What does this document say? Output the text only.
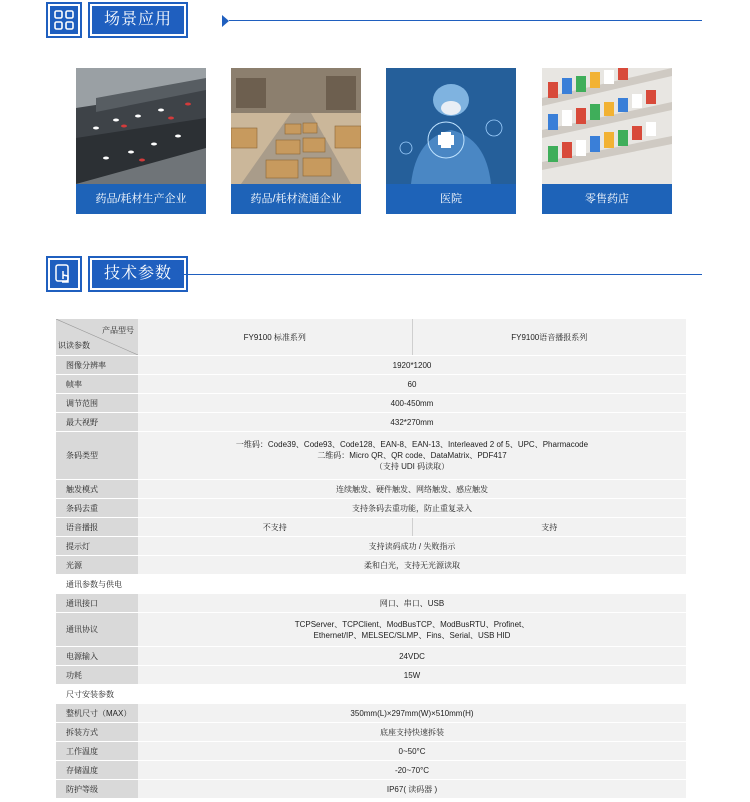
场景应用
药品/耗材生产企业	药品/耗材流通企业	医院	零售药店
技术参数
产品型号
识读参数	FY9100 标准系列	FY9100语音播报系列
图像分辨率	1920*1200	
帧率	60	
调节范围	400-450mm	
最大视野	432*270mm	
条码类型	一维码：Code39、Code93、Code128、EAN-8、EAN-13、Interleaved 2 of 5、UPC、Pharmacode
二维码：Micro QR、QR code、DataMatrix、PDF417
（支持 UDI 码读取）	

触发模式	连续触发、硬件触发、网络触发、感应触发	
条码去重	支持条码去重功能，防止重复录入	
语音播报	不支持	支持
提示灯	支持读码成功 / 失败指示	
光源	柔和白光，支持无光源读取	
通讯参数与供电		
通讯接口	网口、串口、USB	
通讯协议	TCPServer、TCPClient、ModBusTCP、ModBusRTU、Profinet、
Ethernet/IP、MELSEC/SLMP、Fins、Serial、USB HID	

电源输入	24VDC	
功耗	15W	
尺寸安装参数		
整机尺寸（MAX）	350mm(L)×297mm(W)×510mm(H)	
拆装方式	底座支持快速拆装	
工作温度	0~50°C	
存储温度	-20~70°C	
防护等级	IP67( 读码器 )	
